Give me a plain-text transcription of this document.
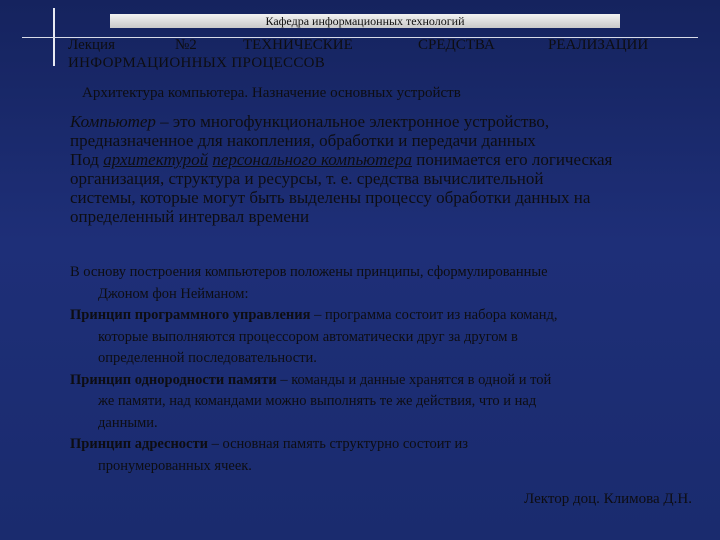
Кафедра информационных технологий
Лекция	№2	ТЕХНИЧЕСКИЕ	СРЕДСТВА	РЕАЛИЗАЦИИ
ИНФОРМАЦИОННЫХ ПРОЦЕССОВ
Архитектура компьютера. Назначение основных устройств
Компьютер – это многофункциональное электронное устройство,
предназначенное для накопления, обработки и передачи данных
Под архитектурой персонального компьютера понимается его логическая
организация, структура и ресурсы, т. е. средства вычислительной
системы, которые могут быть выделены процессу обработки данных на
определенный интервал времени
В основу построения компьютеров положены принципы, сформулированные
Джоном фон Нейманом:
Принцип программного управления – программа состоит из набора команд,
которые выполняются процессором автоматически друг за другом в
определенной последовательности.
Принцип однородности памяти – команды и данные хранятся в одной и той
же памяти, над командами можно выполнять те же действия, что и над
данными.
Принцип адресности – основная память структурно состоит из
пронумерованных ячеек.
Лектор доц. Климова Д.Н.
